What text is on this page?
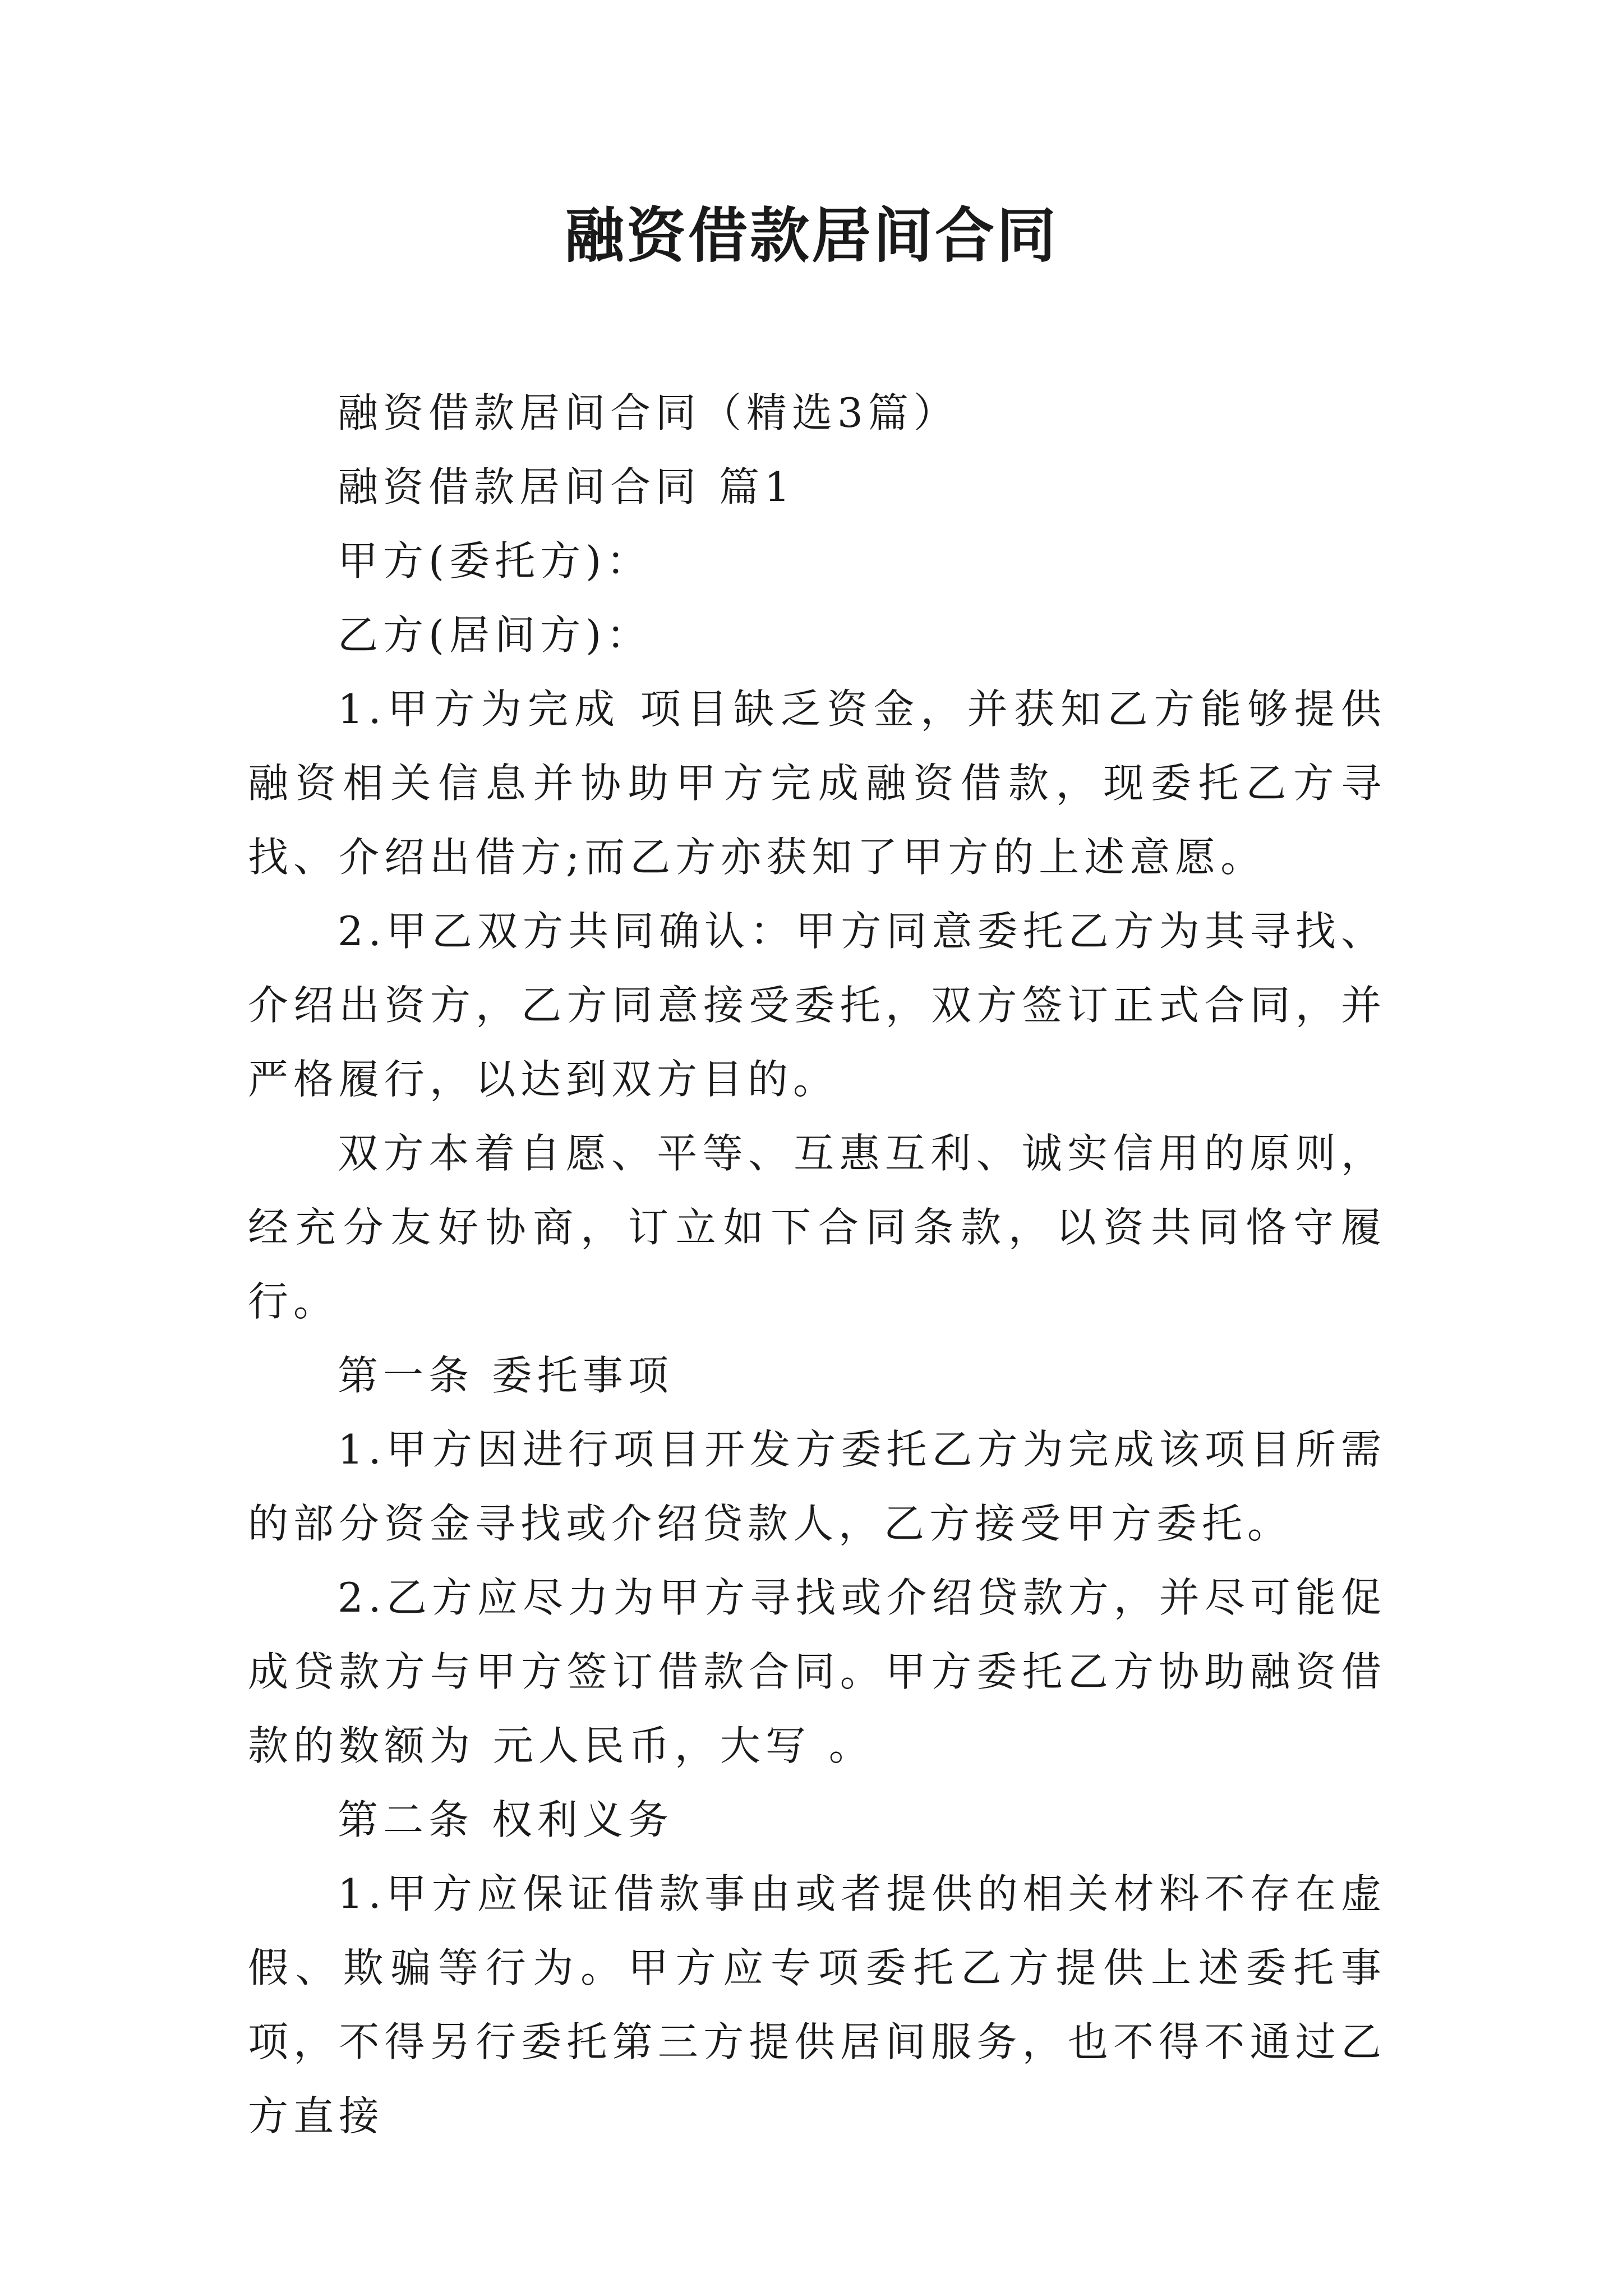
融资借款居间合同

融资借款居间合同（精选3篇）

融资借款居间合同 篇1

甲方(委托方)：

乙方(居间方)：

1.甲方为完成 项目缺乏资金，并获知乙方能够提供融资相关信息并协助甲方完成融资借款，现委托乙方寻找、介绍出借方;而乙方亦获知了甲方的上述意愿。

2.甲乙双方共同确认：甲方同意委托乙方为其寻找、介绍出资方，乙方同意接受委托，双方签订正式合同，并严格履行，以达到双方目的。

双方本着自愿、平等、互惠互利、诚实信用的原则，经充分友好协商，订立如下合同条款，以资共同恪守履行。

第一条 委托事项

1.甲方因进行项目开发方委托乙方为完成该项目所需的部分资金寻找或介绍贷款人，乙方接受甲方委托。

2.乙方应尽力为甲方寻找或介绍贷款方，并尽可能促成贷款方与甲方签订借款合同。甲方委托乙方协助融资借款的数额为 元人民币，大写 。

第二条 权利义务

1.甲方应保证借款事由或者提供的相关材料不存在虚假、欺骗等行为。甲方应专项委托乙方提供上述委托事项，不得另行委托第三方提供居间服务，也不得不通过乙方直接
